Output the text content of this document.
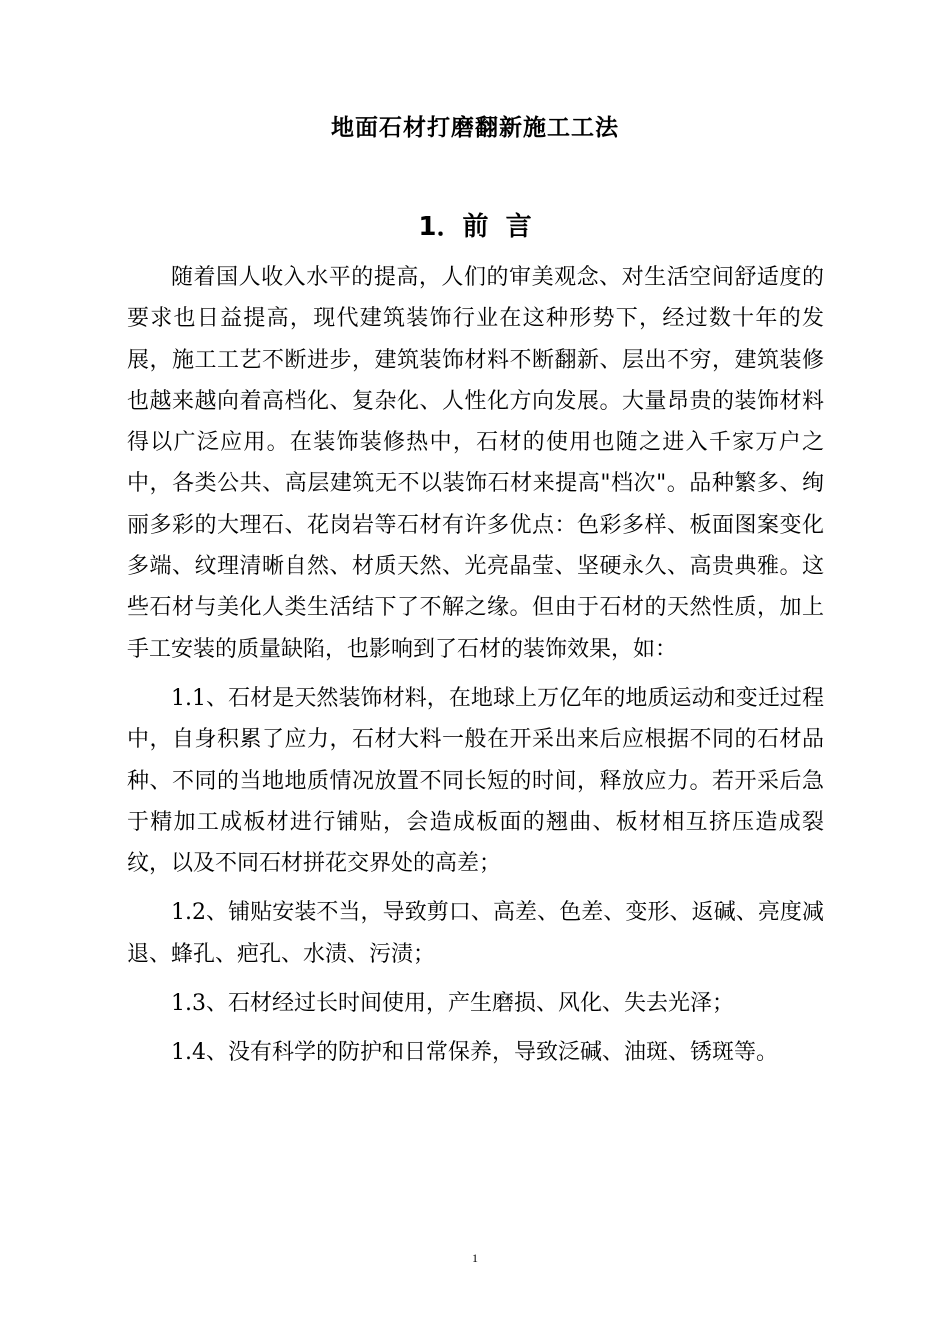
地面石材打磨翻新施工工法
1．前 言

随着国人收入水平的提高，人们的审美观念、对生活空间舒适度的要求也日益提高，现代建筑装饰行业在这种形势下，经过数十年的发展，施工工艺不断进步，建筑装饰材料不断翻新、层出不穷，建筑装修也越来越向着高档化、复杂化、人性化方向发展。大量昂贵的装饰材料得以广泛应用。在装饰装修热中，石材的使用也随之进入千家万户之中，各类公共、高层建筑无不以装饰石材来提高"档次"。品种繁多、绚丽多彩的大理石、花岗岩等石材有许多优点：色彩多样、板面图案变化多端、纹理清晰自然、材质天然、光亮晶莹、坚硬永久、高贵典雅。这些石材与美化人类生活结下了不解之缘。但由于石材的天然性质，加上手工安装的质量缺陷，也影响到了石材的装饰效果，如：

1.1、石材是天然装饰材料，在地球上万亿年的地质运动和变迁过程中，自身积累了应力，石材大料一般在开采出来后应根据不同的石材品种、不同的当地地质情况放置不同长短的时间，释放应力。若开采后急于精加工成板材进行铺贴，会造成板面的翘曲、板材相互挤压造成裂纹，以及不同石材拼花交界处的高差；

1.2、铺贴安装不当，导致剪口、高差、色差、变形、返碱、亮度减退、蜂孔、疤孔、水渍、污渍；

1.3、石材经过长时间使用，产生磨损、风化、失去光泽；

1.4、没有科学的防护和日常保养，导致泛碱、油斑、锈斑等。

1
